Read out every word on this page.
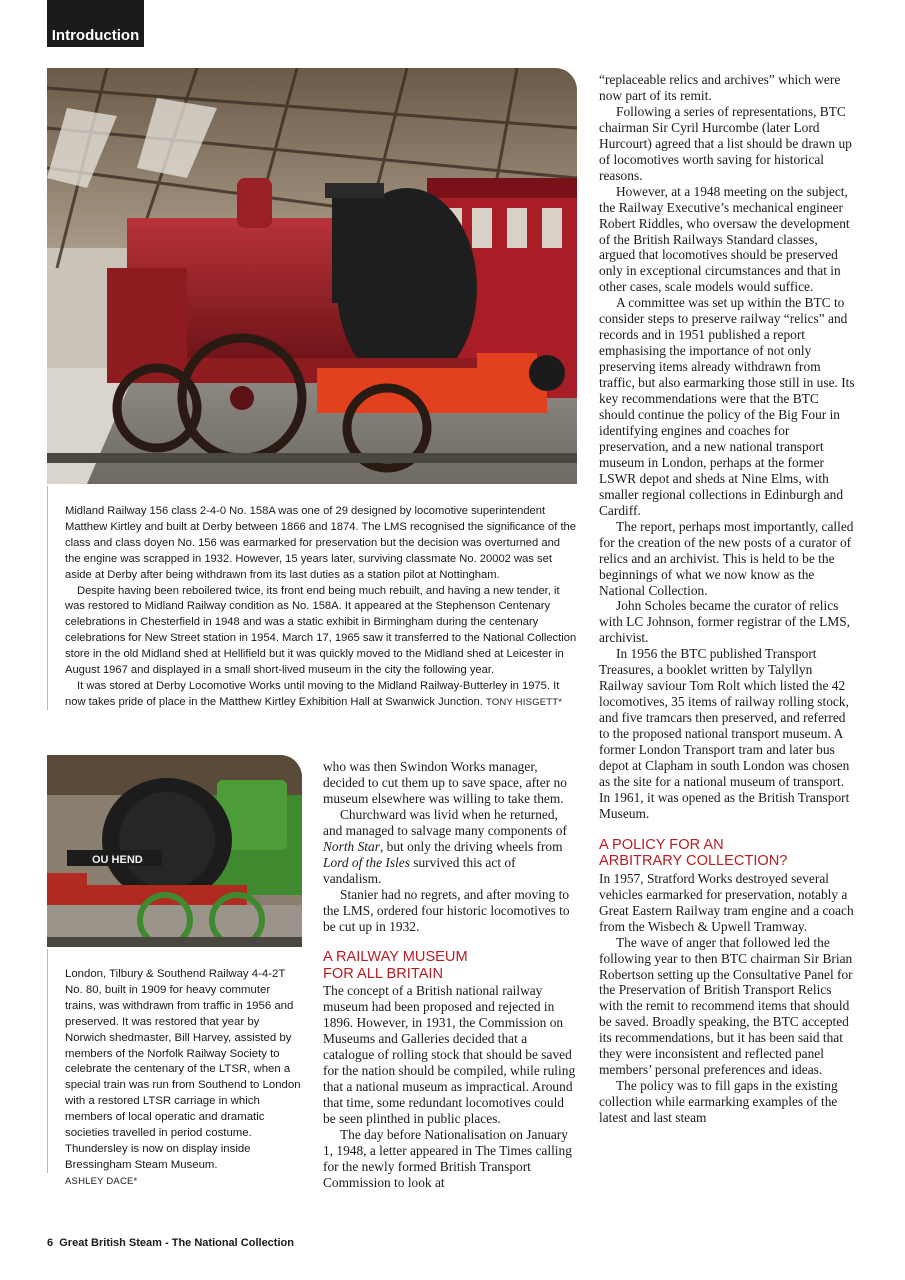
Introduction

Midland Railway 156 class 2-4-0 No. 158A was one of 29 designed by locomotive superintendent Matthew Kirtley and built at Derby between 1866 and 1874. The LMS recognised the significance of the class and class doyen No. 156 was earmarked for preservation but the decision was overturned and the engine was scrapped in 1932. However, 15 years later, surviving classmate No. 20002 was set aside at Derby after being withdrawn from its last duties as a station pilot at Nottingham.

Despite having been reboilered twice, its front end being much rebuilt, and having a new tender, it was restored to Midland Railway condition as No. 158A. It appeared at the Stephenson Centenary celebrations in Chesterfield in 1948 and was a static exhibit in Birmingham during the centenary celebrations for New Street station in 1954. March 17, 1965 saw it transferred to the National Collection store in the old Midland shed at Hellifield but it was quickly moved to the Midland shed at Leicester in August 1967 and displayed in a small short-lived museum in the city the following year.

It was stored at Derby Locomotive Works until moving to the Midland Railway-Butterley in 1975. It now takes pride of place in the Matthew Kirtley Exhibition Hall at Swanwick Junction. TONY HISGETT*

OU HEND

London, Tilbury & Southend Railway 4-4-2T No. 80, built in 1909 for heavy commuter trains, was withdrawn from traffic in 1956 and preserved. It was restored that year by Norwich shedmaster, Bill Harvey, assisted by members of the Norfolk Railway Society to celebrate the centenary of the LTSR, when a special train was run from Southend to London with a restored LTSR carriage in which members of local operatic and dramatic societies travelled in period costume. Thundersley is now on display inside Bressingham Steam Museum.

ASHLEY DACE*

who was then Swindon Works manager, decided to cut them up to save space, after no museum elsewhere was willing to take them.

Churchward was livid when he returned, and managed to salvage many components of North Star, but only the driving wheels from Lord of the Isles survived this act of vandalism.

Stanier had no regrets, and after moving to the LMS, ordered four historic locomotives to be cut up in 1932.

A RAILWAY MUSEUM
FOR ALL BRITAIN

The concept of a British national railway museum had been proposed and rejected in 1896. However, in 1931, the Commission on Museums and Galleries decided that a catalogue of rolling stock that should be saved for the nation should be compiled, while ruling that a national museum as impractical. Around that time, some redundant locomotives could be seen plinthed in public places.

The day before Nationalisation on January 1, 1948, a letter appeared in The Times calling for the newly formed British Transport Commission to look at

“replaceable relics and archives” which were now part of its remit.

Following a series of representations, BTC chairman Sir Cyril Hurcombe (later Lord Hurcourt) agreed that a list should be drawn up of locomotives worth saving for historical reasons.

However, at a 1948 meeting on the subject, the Railway Executive’s mechanical engineer Robert Riddles, who oversaw the development of the British Railways Standard classes, argued that locomotives should be preserved only in exceptional circumstances and that in other cases, scale models would suffice.

A committee was set up within the BTC to consider steps to preserve railway “relics” and records and in 1951 published a report emphasising the importance of not only preserving items already withdrawn from traffic, but also earmarking those still in use. Its key recommendations were that the BTC should continue the policy of the Big Four in identifying engines and coaches for preservation, and a new national transport museum in London, perhaps at the former LSWR depot and sheds at Nine Elms, with smaller regional collections in Edinburgh and Cardiff.

The report, perhaps most importantly, called for the creation of the new posts of a curator of relics and an archivist. This is held to be the beginnings of what we now know as the National Collection.

John Scholes became the curator of relics with LC Johnson, former registrar of the LMS, archivist.

In 1956 the BTC published Transport Treasures, a booklet written by Talyllyn Railway saviour Tom Rolt which listed the 42 locomotives, 35 items of railway rolling stock, and five tramcars then preserved, and referred to the proposed national transport museum. A former London Transport tram and later bus depot at Clapham in south London was chosen as the site for a national museum of transport. In 1961, it was opened as the British Transport Museum.

A POLICY FOR AN
ARBITRARY COLLECTION?

In 1957, Stratford Works destroyed several vehicles earmarked for preservation, notably a Great Eastern Railway tram engine and a coach from the Wisbech & Upwell Tramway.

The wave of anger that followed led the following year to then BTC chairman Sir Brian Robertson setting up the Consultative Panel for the Preservation of British Transport Relics with the remit to recommend items that should be saved. Broadly speaking, the BTC accepted its recommendations, but it has been said that they were inconsistent and reflected panel members’ personal preferences and ideas.

The policy was to fill gaps in the existing collection while earmarking examples of the latest and last steam

6 Great British Steam - The National Collection
